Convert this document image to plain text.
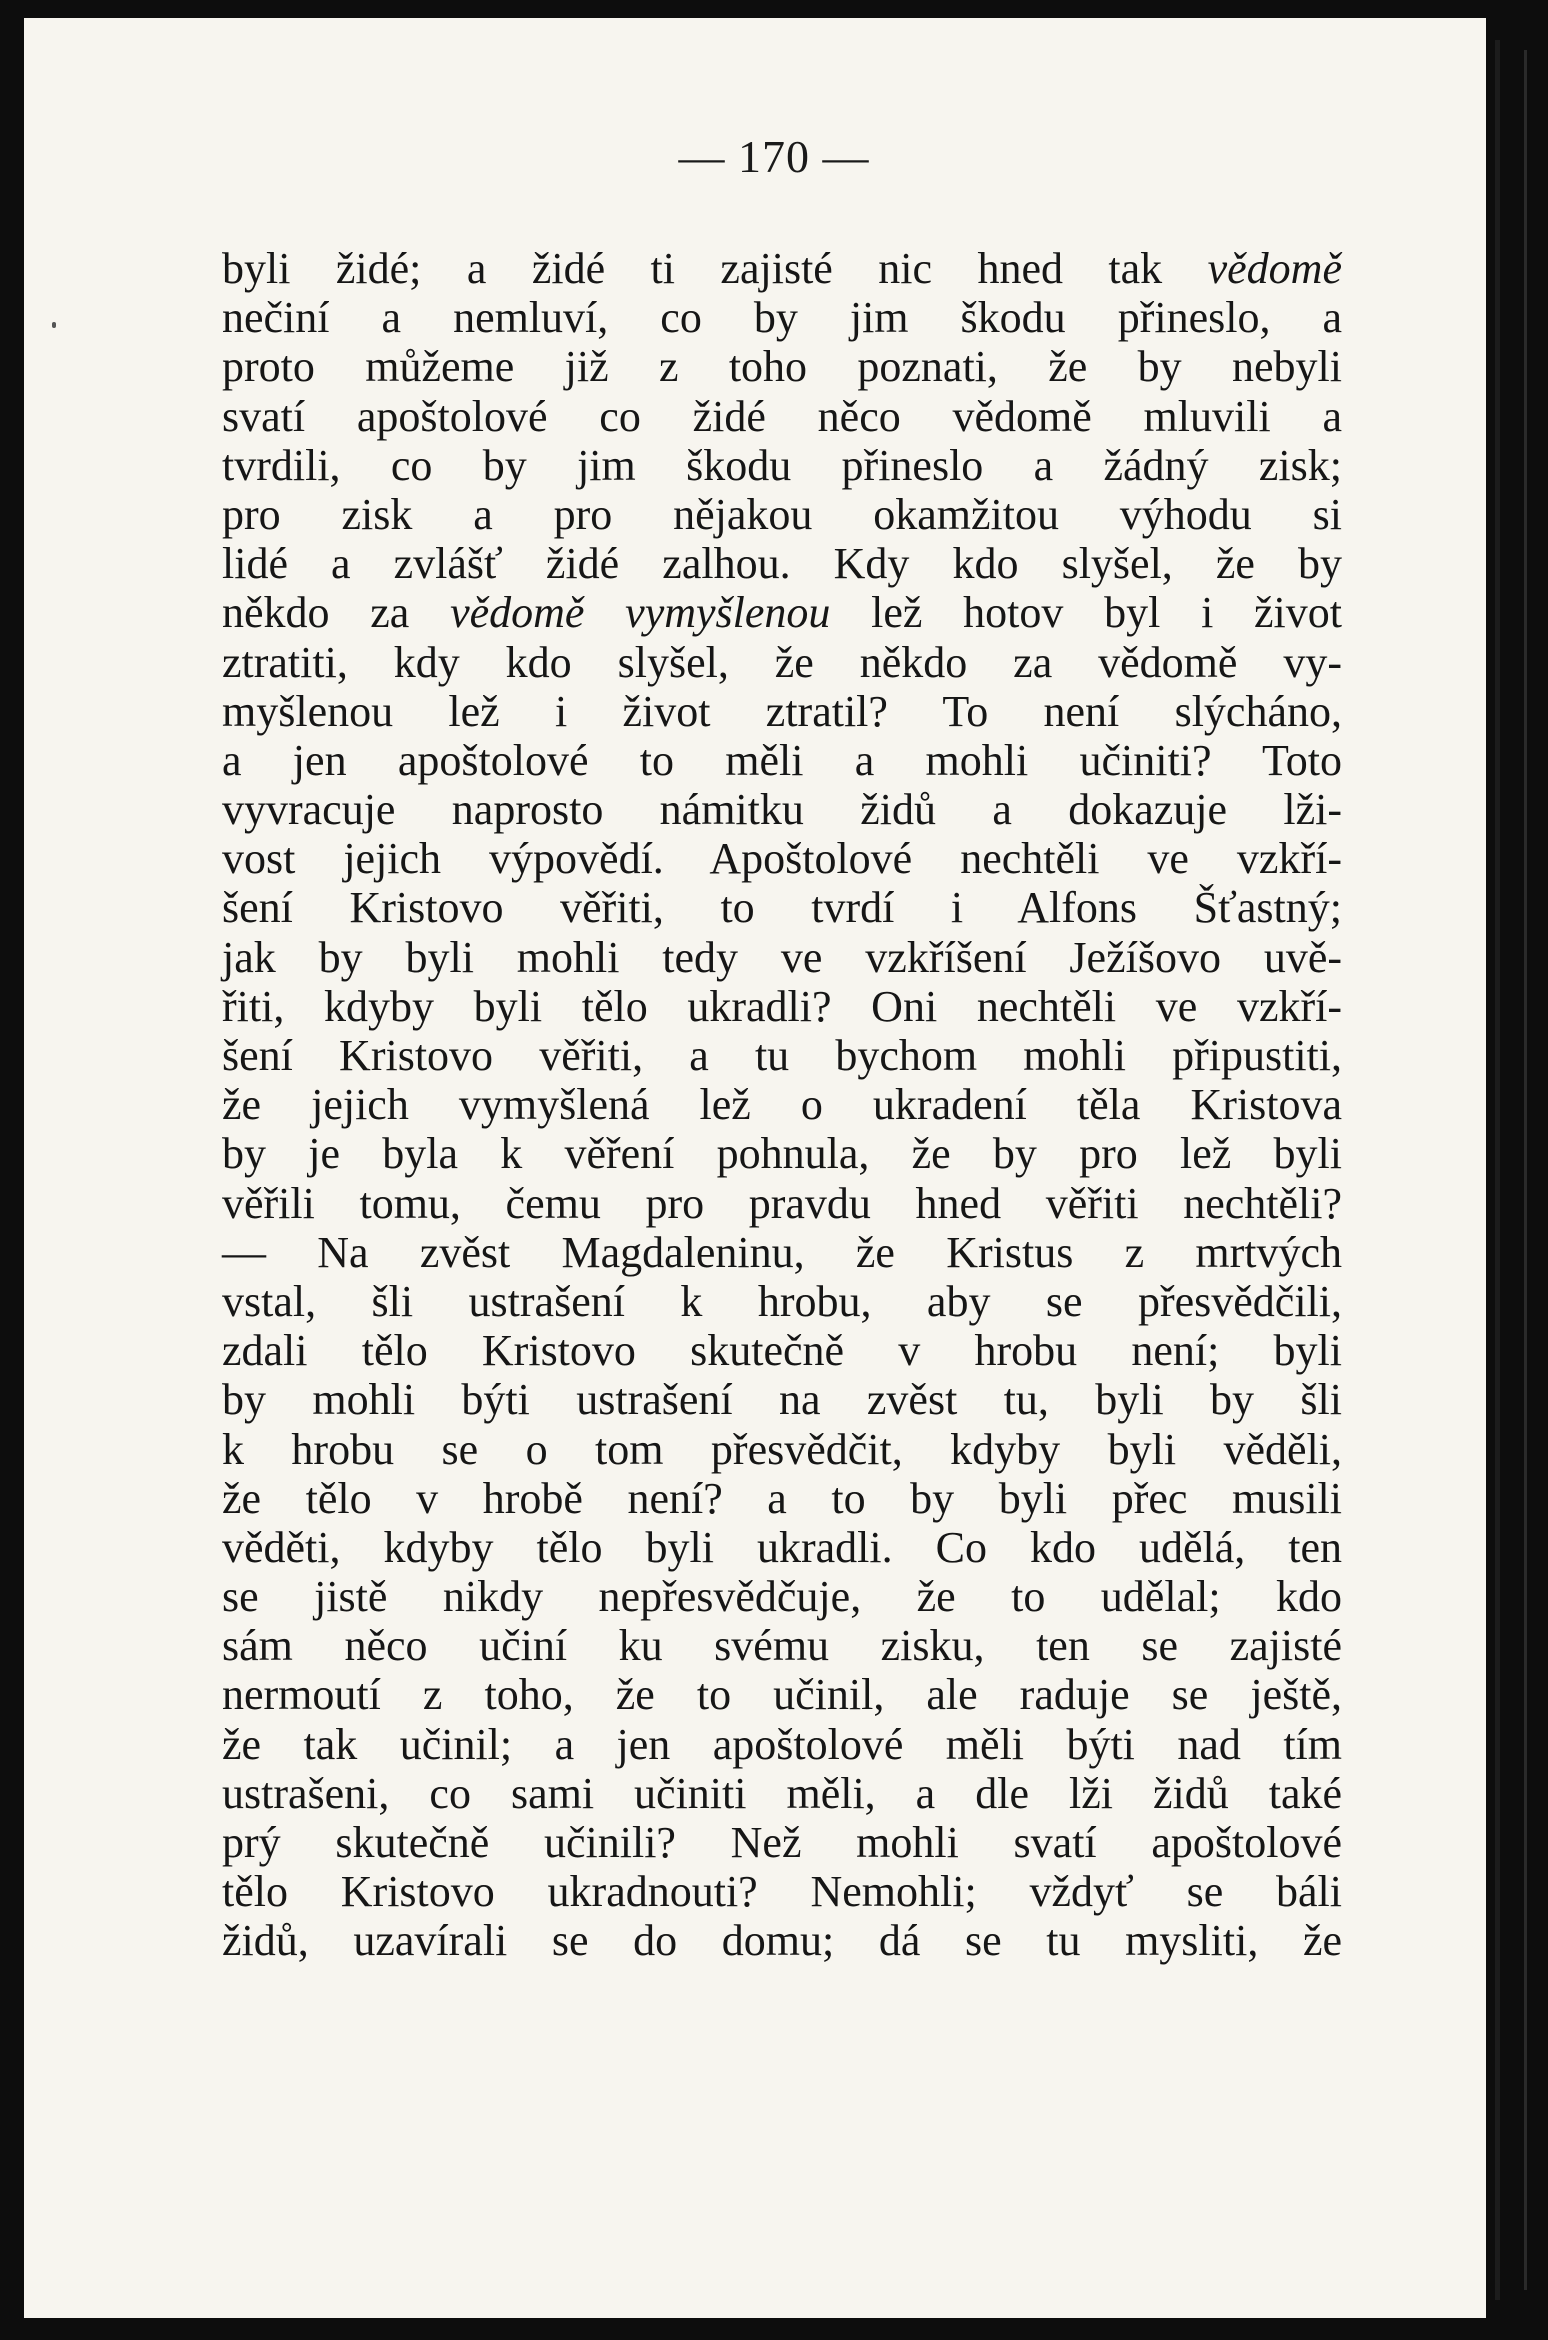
— 170 —
byli židé; a židé ti zajisté nic hned tak vědomě
nečiní a nemluví, co by jim škodu přineslo, a
proto můžeme již z toho poznati, že by nebyli
svatí apoštolové co židé něco vědomě mluvili a
tvrdili, co by jim škodu přineslo a žádný zisk;
pro zisk a pro nějakou okamžitou výhodu si
lidé a zvlášť židé zalhou. Kdy kdo slyšel, že by
někdo za vědomě vymyšlenou lež hotov byl i život
ztratiti, kdy kdo slyšel, že někdo za vědomě vy-
myšlenou lež i život ztratil? To není slýcháno,
a jen apoštolové to měli a mohli učiniti? Toto
vyvracuje naprosto námitku židů a dokazuje lži-
vost jejich výpovědí. Apoštolové nechtěli ve vzkří-
šení Kristovo věřiti, to tvrdí i Alfons Šťastný;
jak by byli mohli tedy ve vzkříšení Ježíšovo uvě-
řiti, kdyby byli tělo ukradli? Oni nechtěli ve vzkří-
šení Kristovo věřiti, a tu bychom mohli připustiti,
že jejich vymyšlená lež o ukradení těla Kristova
by je byla k věření pohnula, že by pro lež byli
věřili tomu, čemu pro pravdu hned věřiti nechtěli?
— Na zvěst Magdaleninu, že Kristus z mrtvých
vstal, šli ustrašení k hrobu, aby se přesvědčili,
zdali tělo Kristovo skutečně v hrobu není; byli
by mohli býti ustrašení na zvěst tu, byli by šli
k hrobu se o tom přesvědčit, kdyby byli věděli,
že tělo v hrobě není? a to by byli přec musili
věděti, kdyby tělo byli ukradli. Co kdo udělá, ten
se jistě nikdy nepřesvědčuje, že to udělal; kdo
sám něco učiní ku svému zisku, ten se zajisté
nermoutí z toho, že to učinil, ale raduje se ještě,
že tak učinil; a jen apoštolové měli býti nad tím
ustrašeni, co sami učiniti měli, a dle lži židů také
prý skutečně učinili? Než mohli svatí apoštolové
tělo Kristovo ukradnouti? Nemohli; vždyť se báli
židů, uzavírali se do domu; dá se tu mysliti, že
